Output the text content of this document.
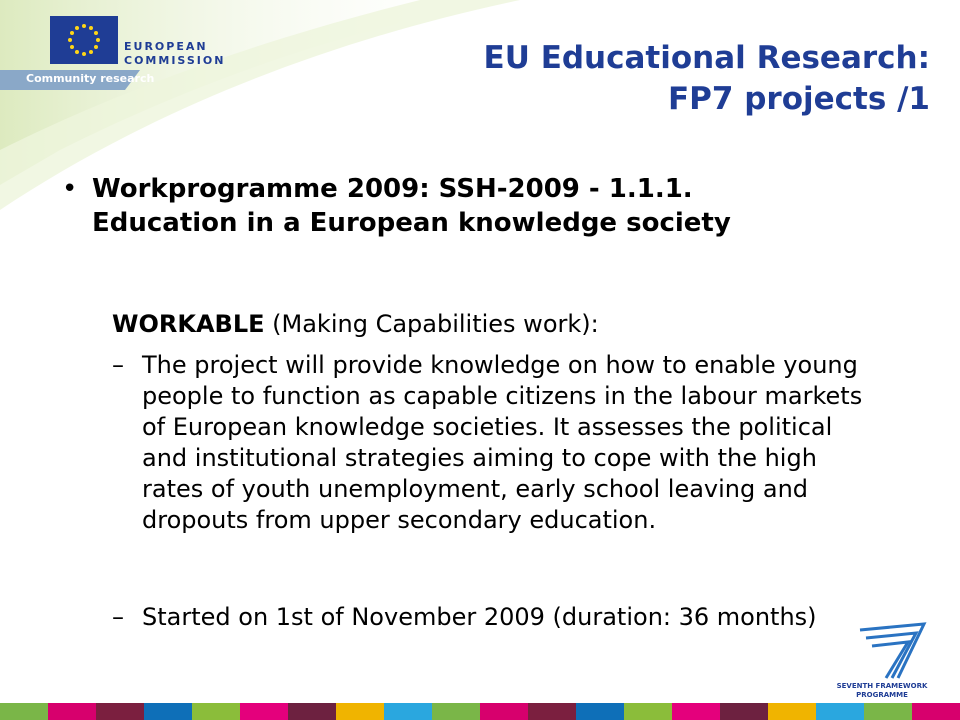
EUROPEAN
COMMISSION
Community research
EU Educational Research:
FP7 projects /1
• Workprogramme 2009: SSH-2009 - 1.1.1.
Education in a European knowledge society
WORKABLE (Making Capabilities work):
– The project will provide knowledge on how to enable young people to function as capable citizens in the labour markets of European knowledge societies. It assesses the political and institutional strategies aiming to cope with the high rates of youth unemployment, early school leaving and dropouts from upper secondary education.
– Started on 1st of November 2009 (duration: 36 months)
SEVENTH FRAMEWORK
PROGRAMME
